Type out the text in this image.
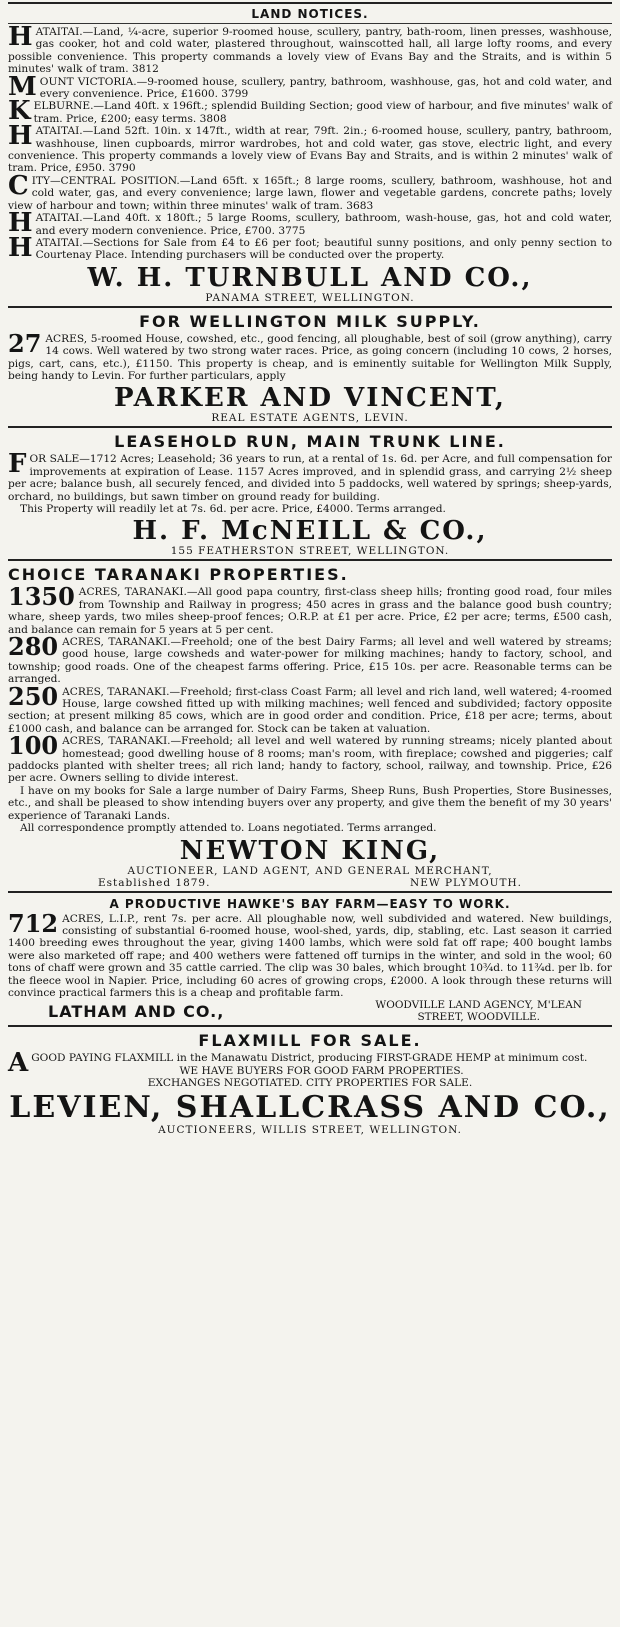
LAND NOTICES.

HATAITAI.—Land, ¼-acre, superior 9-roomed house, scullery, pantry, bath-room, linen presses, washhouse, gas cooker, hot and cold water, plastered throughout, wainscotted hall, all large lofty rooms, and every possible convenience. This property commands a lovely view of Evans Bay and the Straits, and is within 5 minutes' walk of tram. 3812

MOUNT VICTORIA.—9-roomed house, scullery, pantry, bathroom, washhouse, gas, hot and cold water, and every convenience. Price, £1600. 3799

KELBURNE.—Land 40ft. x 196ft.; splendid Building Section; good view of harbour, and five minutes' walk of tram. Price, £200; easy terms. 3808

HATAITAI.—Land 52ft. 10in. x 147ft., width at rear, 79ft. 2in.; 6-roomed house, scullery, pantry, bathroom, washhouse, linen cupboards, mirror wardrobes, hot and cold water, gas stove, electric light, and every convenience. This property commands a lovely view of Evans Bay and Straits, and is within 2 minutes' walk of tram. Price, £950. 3790

CITY—CENTRAL POSITION.—Land 65ft. x 165ft.; 8 large rooms, scullery, bathroom, washhouse, hot and cold water, gas, and every convenience; large lawn, flower and vegetable gardens, concrete paths; lovely view of harbour and town; within three minutes' walk of tram. 3683

HATAITAI.—Land 40ft. x 180ft.; 5 large Rooms, scullery, bathroom, wash-house, gas, hot and cold water, and every modern convenience. Price, £700. 3775

HATAITAI.—Sections for Sale from £4 to £6 per foot; beautiful sunny positions, and only penny section to Courtenay Place. Intending purchasers will be conducted over the property.

W. H. TURNBULL AND CO.,
PANAMA STREET, WELLINGTON.
FOR WELLINGTON MILK SUPPLY.

27 ACRES, 5-roomed House, cowshed, etc., good fencing, all ploughable, best of soil (grow anything), carry 14 cows. Well watered by two strong water races. Price, as going concern (including 10 cows, 2 horses, pigs, cart, cans, etc.), £1150. This property is cheap, and is eminently suitable for Wellington Milk Supply, being handy to Levin. For further particulars, apply

PARKER AND VINCENT,
REAL ESTATE AGENTS, LEVIN.
LEASEHOLD RUN, MAIN TRUNK LINE.

FOR SALE—1712 Acres; Leasehold; 36 years to run, at a rental of 1s. 6d. per Acre, and full compensation for improvements at expiration of Lease. 1157 Acres improved, and in splendid grass, and carrying 2½ sheep per acre; balance bush, all securely fenced, and divided into 5 paddocks, well watered by springs; sheep-yards, orchard, no buildings, but sawn timber on ground ready for building.

This Property will readily let at 7s. 6d. per acre. Price, £4000. Terms arranged.

H. F. McNEILL & CO.,
155 FEATHERSTON STREET, WELLINGTON.
CHOICE TARANAKI PROPERTIES.

1350 ACRES, TARANAKI.—All good papa country, first-class sheep hills; fronting good road, four miles from Township and Railway in progress; 450 acres in grass and the balance good bush country; whare, sheep yards, two miles sheep-proof fences; O.R.P. at £1 per acre. Price, £2 per acre; terms, £500 cash, and balance can remain for 5 years at 5 per cent.

280 ACRES, TARANAKI.—Freehold; one of the best Dairy Farms; all level and well watered by streams; good house, large cowsheds and water-power for milking machines; handy to factory, school, and township; good roads. One of the cheapest farms offering. Price, £15 10s. per acre. Reasonable terms can be arranged.

250 ACRES, TARANAKI.—Freehold; first-class Coast Farm; all level and rich land, well watered; 4-roomed House, large cowshed fitted up with milking machines; well fenced and subdivided; factory opposite section; at present milking 85 cows, which are in good order and condition. Price, £18 per acre; terms, about £1000 cash, and balance can be arranged for. Stock can be taken at valuation.

100 ACRES, TARANAKI.—Freehold; all level and well watered by running streams; nicely planted about homestead; good dwelling house of 8 rooms; man's room, with fireplace; cowshed and piggeries; calf paddocks planted with shelter trees; all rich land; handy to factory, school, railway, and township. Price, £26 per acre. Owners selling to divide interest.

I have on my books for Sale a large number of Dairy Farms, Sheep Runs, Bush Properties, Store Businesses, etc., and shall be pleased to show intending buyers over any property, and give them the benefit of my 30 years' experience of Taranaki Lands.

All correspondence promptly attended to. Loans negotiated. Terms arranged.

NEWTON KING,
AUCTIONEER, LAND AGENT, AND GENERAL MERCHANT,
Established 1879.	NEW PLYMOUTH.
A PRODUCTIVE HAWKE'S BAY FARM—EASY TO WORK.

712 ACRES, L.I.P., rent 7s. per acre. All ploughable now, well subdivided and watered. New buildings, consisting of substantial 6-roomed house, wool-shed, yards, dip, stabling, etc. Last season it carried 1400 breeding ewes throughout the year, giving 1400 lambs, which were sold fat off rape; 400 bought lambs were also marketed off rape; and 400 wethers were fattened off turnips in the winter, and sold in the wool; 60 tons of chaff were grown and 35 cattle carried. The clip was 30 bales, which brought 10¾d. to 11¾d. per lb. for the fleece wool in Napier. Price, including 60 acres of growing crops, £2000. A look through these returns will convince practical farmers this is a cheap and profitable farm.

LATHAM AND CO.,	WOODVILLE LAND AGENCY, M'LEAN
STREET, WOODVILLE.
FLAXMILL FOR SALE.

AGOOD PAYING FLAXMILL in the Manawatu District, producing FIRST-GRADE HEMP at minimum cost.

WE HAVE BUYERS FOR GOOD FARM PROPERTIES.

EXCHANGES NEGOTIATED. CITY PROPERTIES FOR SALE.

LEVIEN, SHALLCRASS AND CO.,
AUCTIONEERS, WILLIS STREET, WELLINGTON.
